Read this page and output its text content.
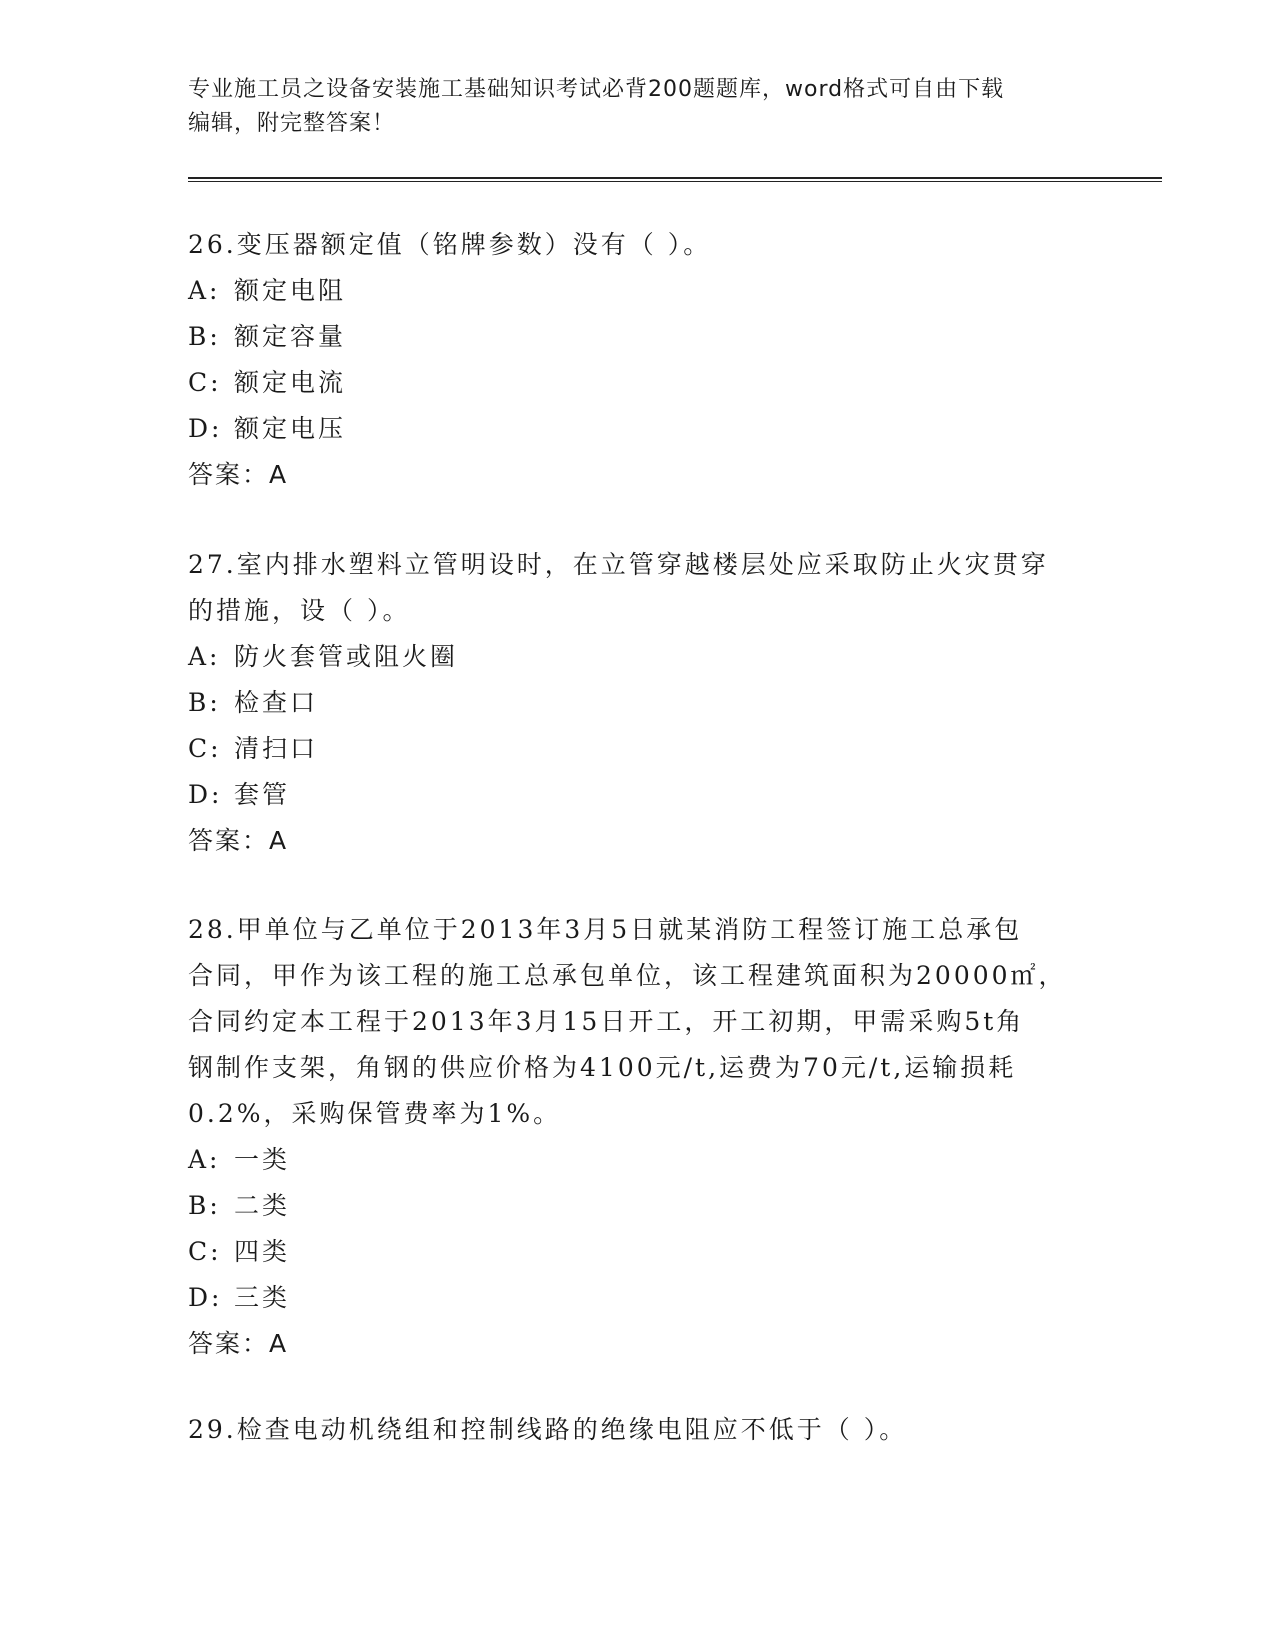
专业施工员之设备安装施工基础知识考试必背200题题库，word格式可自由下载
编辑，附完整答案！

26.变压器额定值（铭牌参数）没有（ ）。

A: 额定电阻

B: 额定容量

C: 额定电流

D: 额定电压

答案：A

27.室内排水塑料立管明设时，在立管穿越楼层处应采取防止火灾贯穿

的措施，设（ ）。

A: 防火套管或阻火圈

B: 检查口

C: 清扫口

D: 套管

答案：A

28.甲单位与乙单位于2013年3月5日就某消防工程签订施工总承包

合同，甲作为该工程的施工总承包单位，该工程建筑面积为20000㎡，

合同约定本工程于2013年3月15日开工，开工初期，甲需采购5t角

钢制作支架，角钢的供应价格为4100元/t,运费为70元/t,运输损耗

0.2%，采购保管费率为1%。

A: 一类

B: 二类

C: 四类

D: 三类

答案：A

29.检查电动机绕组和控制线路的绝缘电阻应不低于（ ）。
